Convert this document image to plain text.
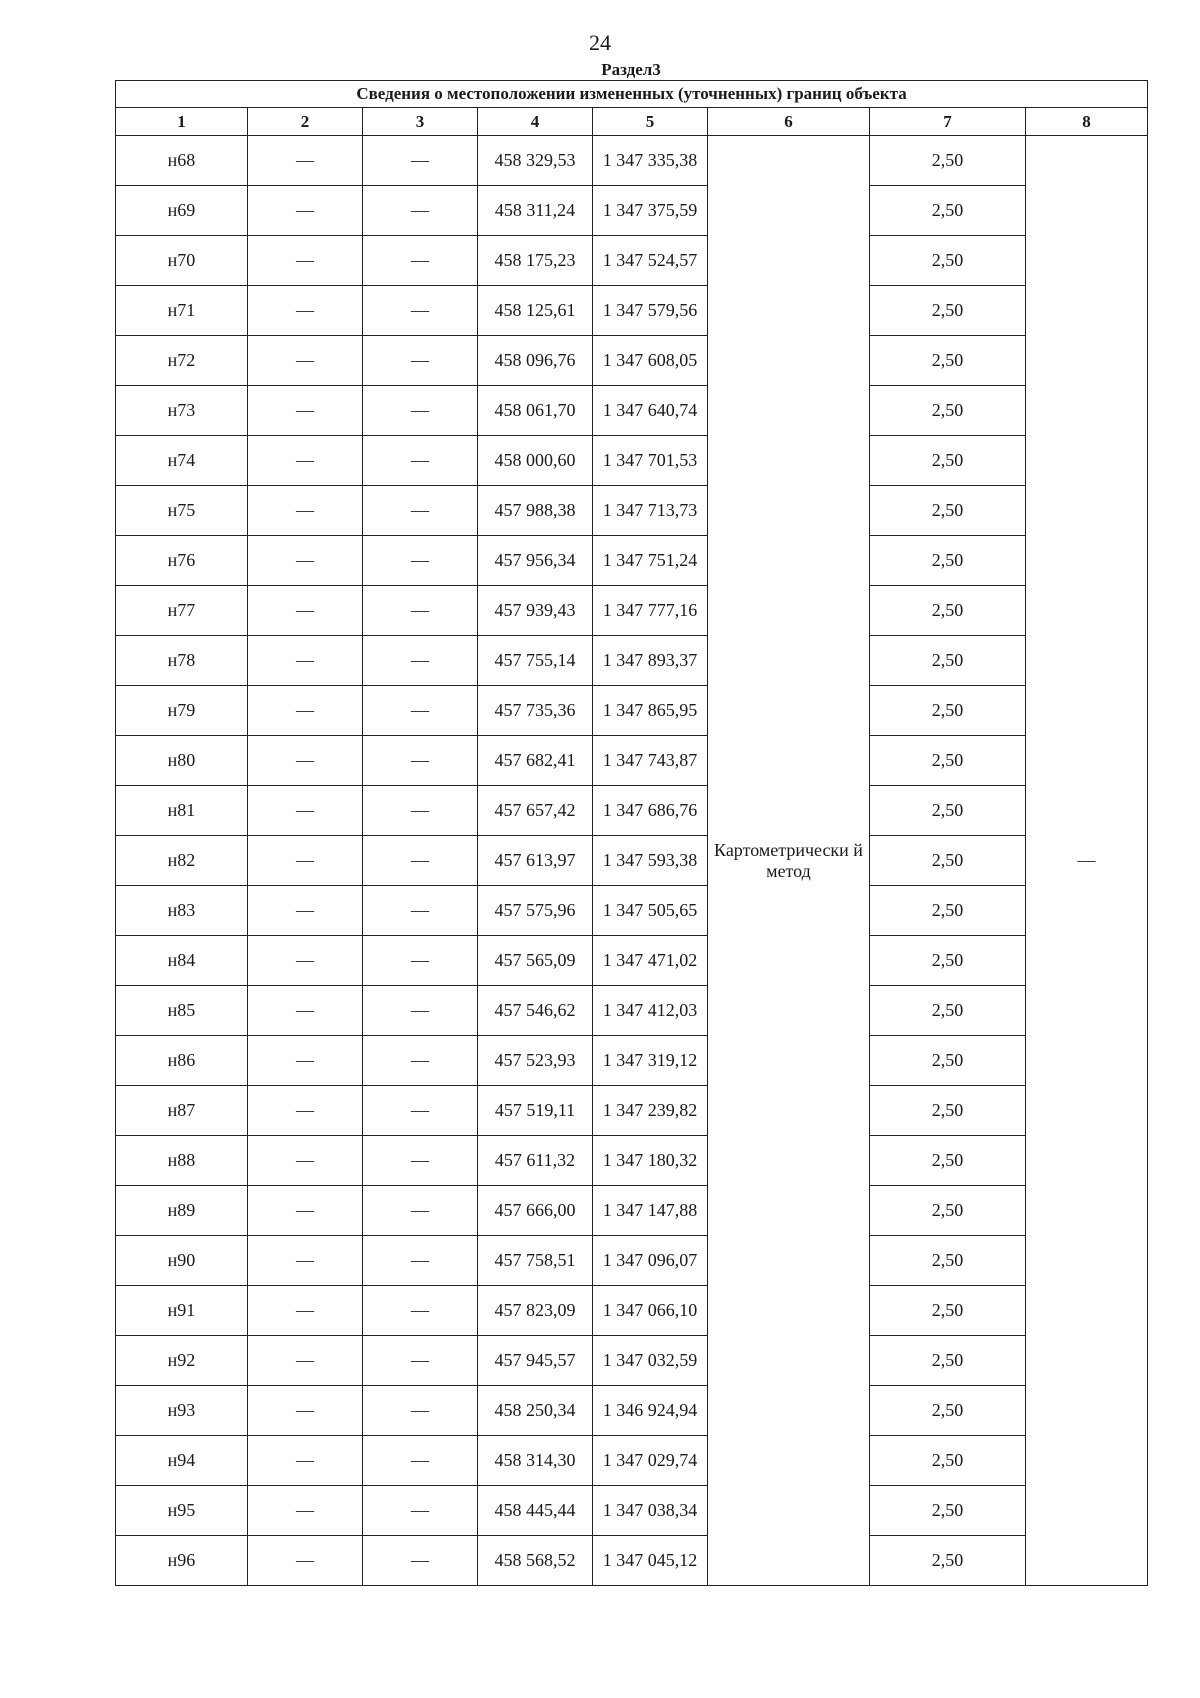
24
Раздел3
Сведения о местоположении измененных (уточненных) границ объекта							
1	2	3	4	5	6	7	8
н68	—	—	458 329,53	1 347 335,38	Картометрически й метод	2,50	—
н69	—	—	458 311,24	1 347 375,59		2,50	
н70	—	—	458 175,23	1 347 524,57		2,50	
н71	—	—	458 125,61	1 347 579,56		2,50	
н72	—	—	458 096,76	1 347 608,05		2,50	
н73	—	—	458 061,70	1 347 640,74		2,50	
н74	—	—	458 000,60	1 347 701,53		2,50	
н75	—	—	457 988,38	1 347 713,73		2,50	
н76	—	—	457 956,34	1 347 751,24		2,50	
н77	—	—	457 939,43	1 347 777,16		2,50	
н78	—	—	457 755,14	1 347 893,37		2,50	
н79	—	—	457 735,36	1 347 865,95		2,50	
н80	—	—	457 682,41	1 347 743,87		2,50	
н81	—	—	457 657,42	1 347 686,76		2,50	
н82	—	—	457 613,97	1 347 593,38		2,50	
н83	—	—	457 575,96	1 347 505,65		2,50	
н84	—	—	457 565,09	1 347 471,02		2,50	
н85	—	—	457 546,62	1 347 412,03		2,50	
н86	—	—	457 523,93	1 347 319,12		2,50	
н87	—	—	457 519,11	1 347 239,82		2,50	
н88	—	—	457 611,32	1 347 180,32		2,50	
н89	—	—	457 666,00	1 347 147,88		2,50	
н90	—	—	457 758,51	1 347 096,07		2,50	
н91	—	—	457 823,09	1 347 066,10		2,50	
н92	—	—	457 945,57	1 347 032,59		2,50	
н93	—	—	458 250,34	1 346 924,94		2,50	
н94	—	—	458 314,30	1 347 029,74		2,50	
н95	—	—	458 445,44	1 347 038,34		2,50	
н96	—	—	458 568,52	1 347 045,12		2,50	
